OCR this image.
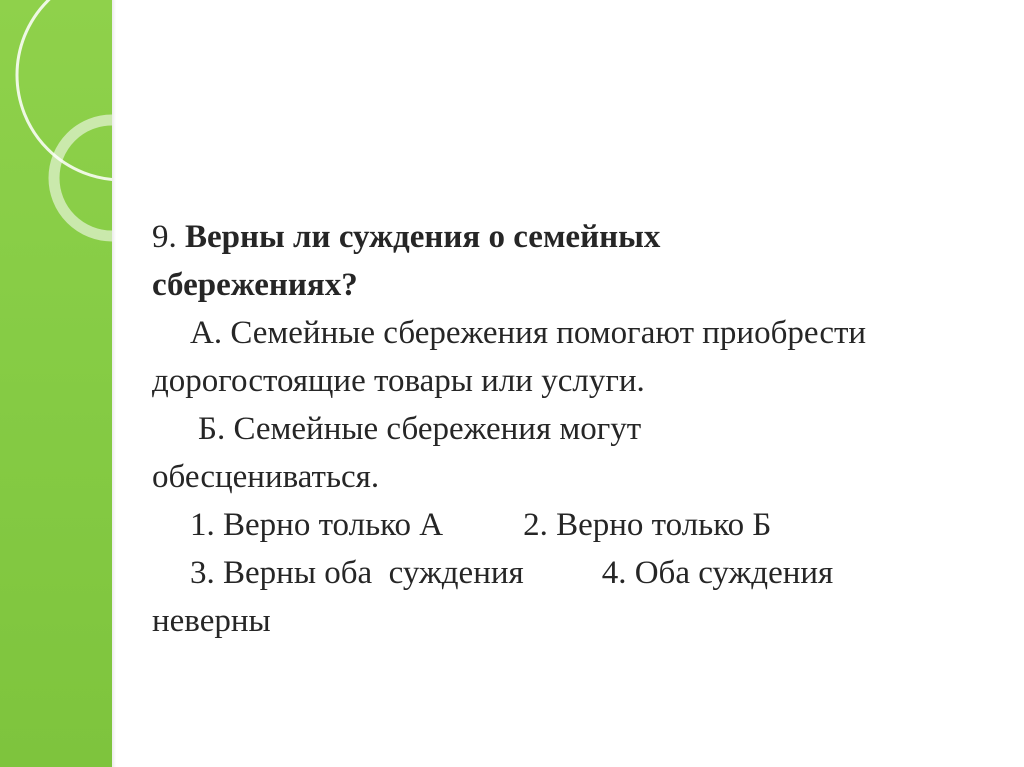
9. Верны ли суждения о семейных
сбережениях?
А. Семейные сбережения помогают приобрести
дорогостоящие товары или услуги.
Б. Семейные сбережения могут
обесцениваться.
1. Верно только А 2. Верно только Б
3. Верны оба  суждения 4. Оба суждения
неверны
